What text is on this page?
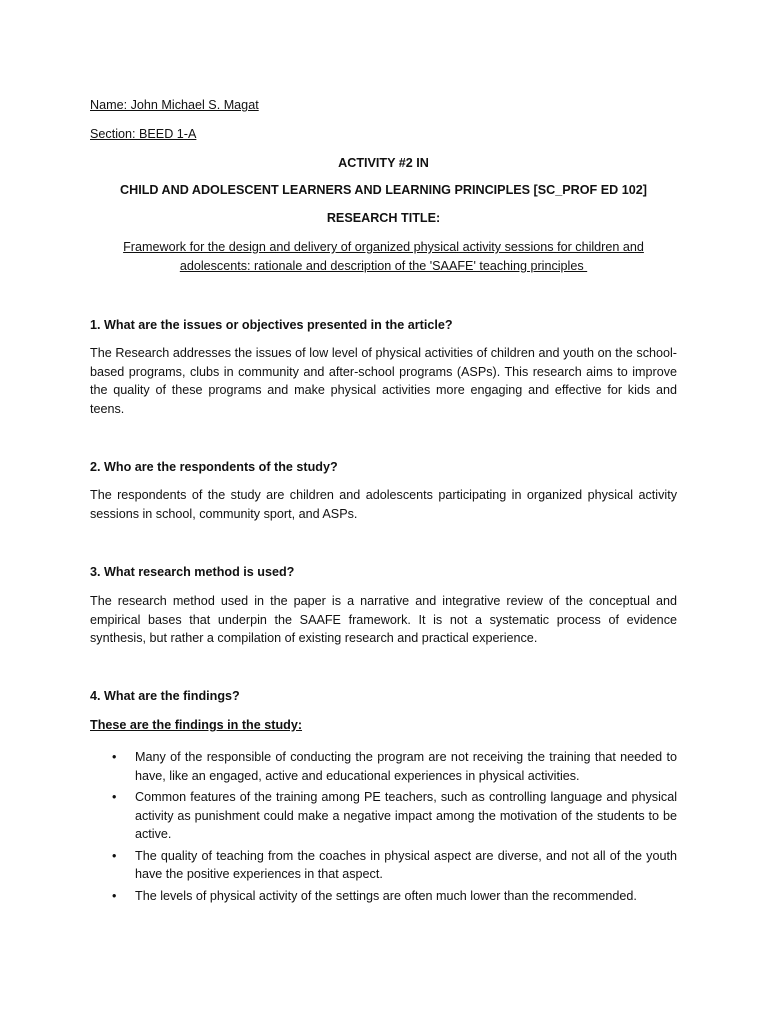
Name: John Michael S. Magat

Section: BEED 1-A

ACTIVITY #2 IN

CHILD AND ADOLESCENT LEARNERS AND LEARNING PRINCIPLES [SC_PROF ED 102]

RESEARCH TITLE:

Framework for the design and delivery of organized physical activity sessions for children and

adolescents: rationale and description of the 'SAAFE' teaching principles

1. What are the issues or objectives presented in the article?

The Research addresses the issues of low level of physical activities of children and youth on the school-based programs, clubs in community and after-school programs (ASPs). This research aims to improve the quality of these programs and make physical activities more engaging and effective for kids and teens.

2. Who are the respondents of the study?

The respondents of the study are children and adolescents participating in organized physical activity sessions in school, community sport, and ASPs.

3. What research method is used?

The research method used in the paper is a narrative and integrative review of the conceptual and empirical bases that underpin the SAAFE framework. It is not a systematic process of evidence synthesis, but rather a compilation of existing research and practical experience.

4. What are the findings?

These are the findings in the study:

• Many of the responsible of conducting the program are not receiving the training that needed to have, like an engaged, active and educational experiences in physical activities.
• Common features of the training among PE teachers, such as controlling language and physical activity as punishment could make a negative impact among the motivation of the students to be active.
• The quality of teaching from the coaches in physical aspect are diverse, and not all of the youth have the positive experiences in that aspect.
• The levels of physical activity of the settings are often much lower than the recommended.
